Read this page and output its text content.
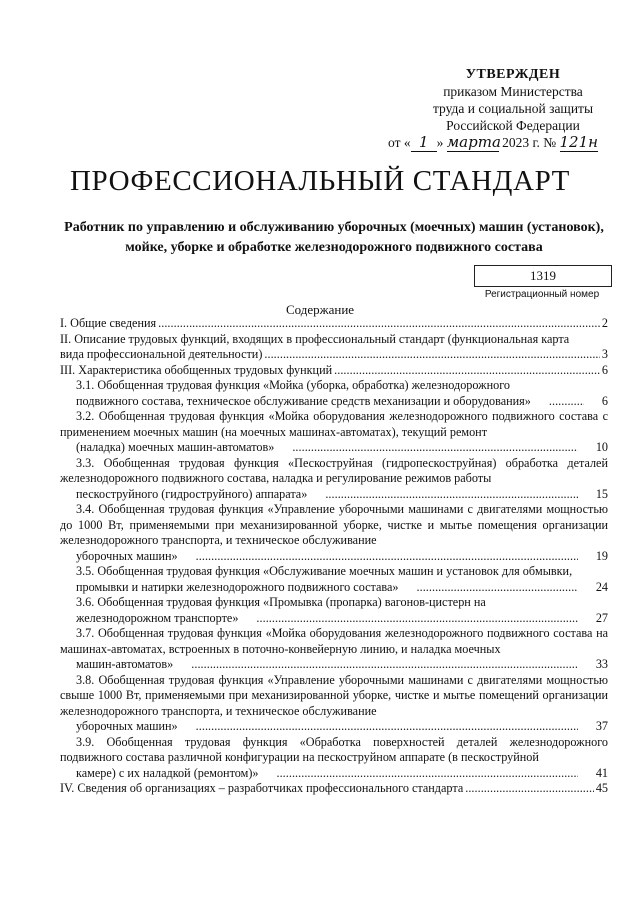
УТВЕРЖДЕН
приказом Министерства
труда и социальной защиты
Российской Федерации
от « 1 » марта 2023 г. № 121н
ПРОФЕССИОНАЛЬНЫЙ СТАНДАРТ
Работник по управлению и обслуживанию уборочных (моечных) машин (установок), мойке, уборке и обработке железнодорожного подвижного состава
1319
Регистрационный номер
Содержание
I. Общие сведения . . .	2
II. Описание трудовых функций, входящих в профессиональный стандарт (функциональная карта
вида профессиональной деятельности) . . .	3
III. Характеристика обобщенных трудовых функций . . .	6
3.1. Обобщенная трудовая функция «Мойка (уборка, обработка) железнодорожного
подвижного состава, техническое обслуживание средств механизации и оборудования» . . .	6
3.2. Обобщенная трудовая функция «Мойка оборудования железнодорожного подвижного состава с применением моечных машин (на моечных машинах-автоматах), текущий ремонт
(наладка) моечных машин-автоматов» . . .	10
3.3. Обобщенная трудовая функция «Пескоструйная (гидропескоструйная) обработка деталей железнодорожного подвижного состава, наладка и регулирование режимов работы
пескоструйного (гидроструйного) аппарата» . . .	15
3.4. Обобщенная трудовая функция «Управление уборочными машинами с двигателями мощностью до 1000 Вт, применяемыми при механизированной уборке, чистке и мытье помещения организации железнодорожного транспорта, и техническое обслуживание
уборочных машин» . . .	19
3.5. Обобщенная трудовая функция «Обслуживание моечных машин и установок для обмывки,
промывки и натирки железнодорожного подвижного состава» . . .	24
3.6. Обобщенная трудовая функция «Промывка (пропарка) вагонов-цистерн на
железнодорожном транспорте» . . .	27
3.7. Обобщенная трудовая функция «Мойка оборудования железнодорожного подвижного состава на машинах-автоматах, встроенных в поточно-конвейерную линию, и наладка моечных
машин-автоматов» . . .	33
3.8. Обобщенная трудовая функция «Управление уборочными машинами с двигателями мощностью свыше 1000 Вт, применяемыми при механизированной уборке, чистке и мытье помещений организации железнодорожного транспорта, и техническое обслуживание
уборочных машин» . . .	37
3.9. Обобщенная трудовая функция «Обработка поверхностей деталей железнодорожного подвижного состава различной конфигурации на пескоструйном аппарате (в пескоструйной
камере) с их наладкой (ремонтом)» . . .	41
IV. Сведения об организациях – разработчиках профессионального стандарта . . .	45
